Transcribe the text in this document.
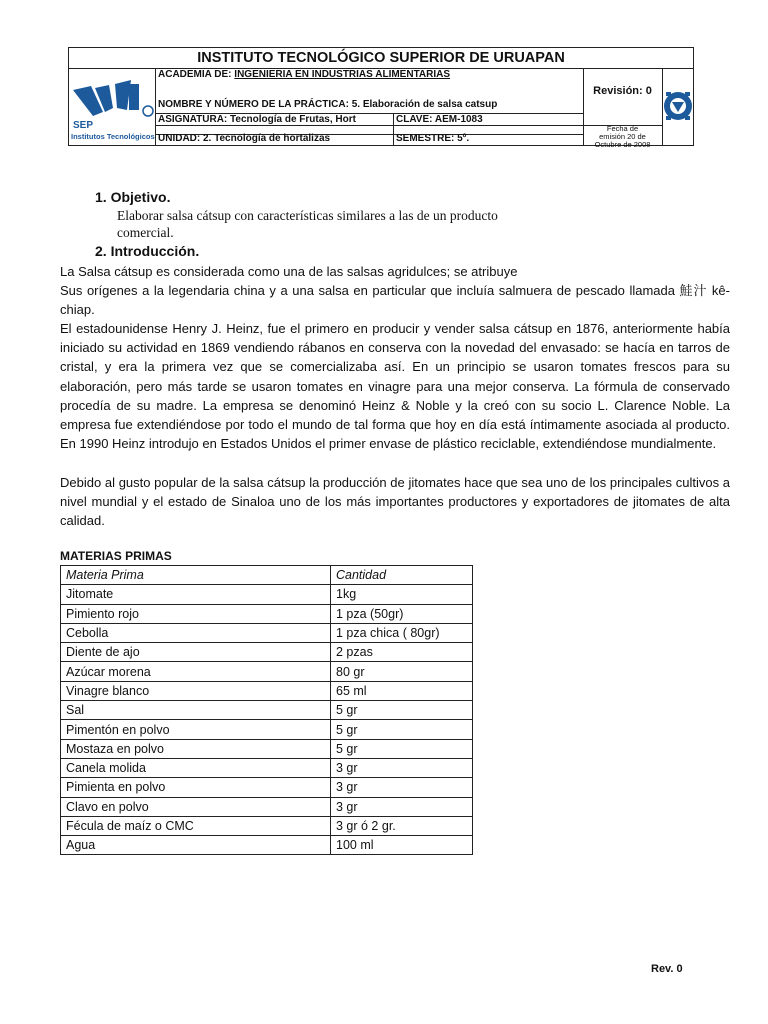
INSTITUTO TECNOLÓGICO SUPERIOR DE URUAPAN
SEP
Institutos Tecnológicos
ACADEMIA DE: INGENIERIA EN INDUSTRIAS ALIMENTARIAS
NOMBRE Y NÚMERO DE LA PRÁCTICA: 5. Elaboración de salsa catsup
ASIGNATURA: Tecnología de Frutas, Hort	CLAVE: AEM-1083
UNIDAD: 2. Tecnología de hortalizas	SEMESTRE: 5º.
Revisión: 0
Fecha de
emisión 20 de
Octubre de 2008
1. Objetivo.
Elaborar salsa cátsup con características similares a las de un producto comercial.
2. Introducción.
La Salsa cátsup es considerada como una de las salsas agridulces; se atribuye
Sus orígenes a la legendaria china y a una salsa en particular que incluía salmuera de pescado llamada 鮭汁 kê-chiap.
El estadounidense Henry J. Heinz, fue el primero en producir y vender salsa cátsup en 1876, anteriormente había iniciado su actividad en 1869 vendiendo rábanos en conserva con la novedad del envasado: se hacía en tarros de cristal, y era la primera vez que se comercializaba así. En un principio se usaron tomates frescos para su elaboración, pero más tarde se usaron tomates en vinagre para una mejor conserva. La fórmula de conservado procedía de su madre. La empresa se denominó Heinz & Noble y la creó con su socio L. Clarence Noble. La empresa fue extendiéndose por todo el mundo de tal forma que hoy en día está íntimamente asociada al producto. En 1990 Heinz introdujo en Estados Unidos el primer envase de plástico reciclable, extendiéndose mundialmente.
Debido al gusto popular de la salsa cátsup la producción de jitomates hace que sea uno de los principales cultivos a nivel mundial y el estado de Sinaloa uno de los más importantes productores y exportadores de jitomates de alta calidad.
MATERIAS PRIMAS
Materia Prima	Cantidad
Jitomate	1kg
Pimiento rojo	1 pza (50gr)
Cebolla	1 pza chica ( 80gr)
Diente de ajo	2 pzas
Azúcar morena	80 gr
Vinagre blanco	65 ml
Sal	5 gr
Pimentón en polvo	5 gr
Mostaza en polvo	5 gr
Canela molida	3 gr
Pimienta en polvo	3 gr
Clavo en polvo	3 gr
Fécula de maíz o CMC	3 gr ó 2 gr.
Agua	100 ml
Rev. 0
